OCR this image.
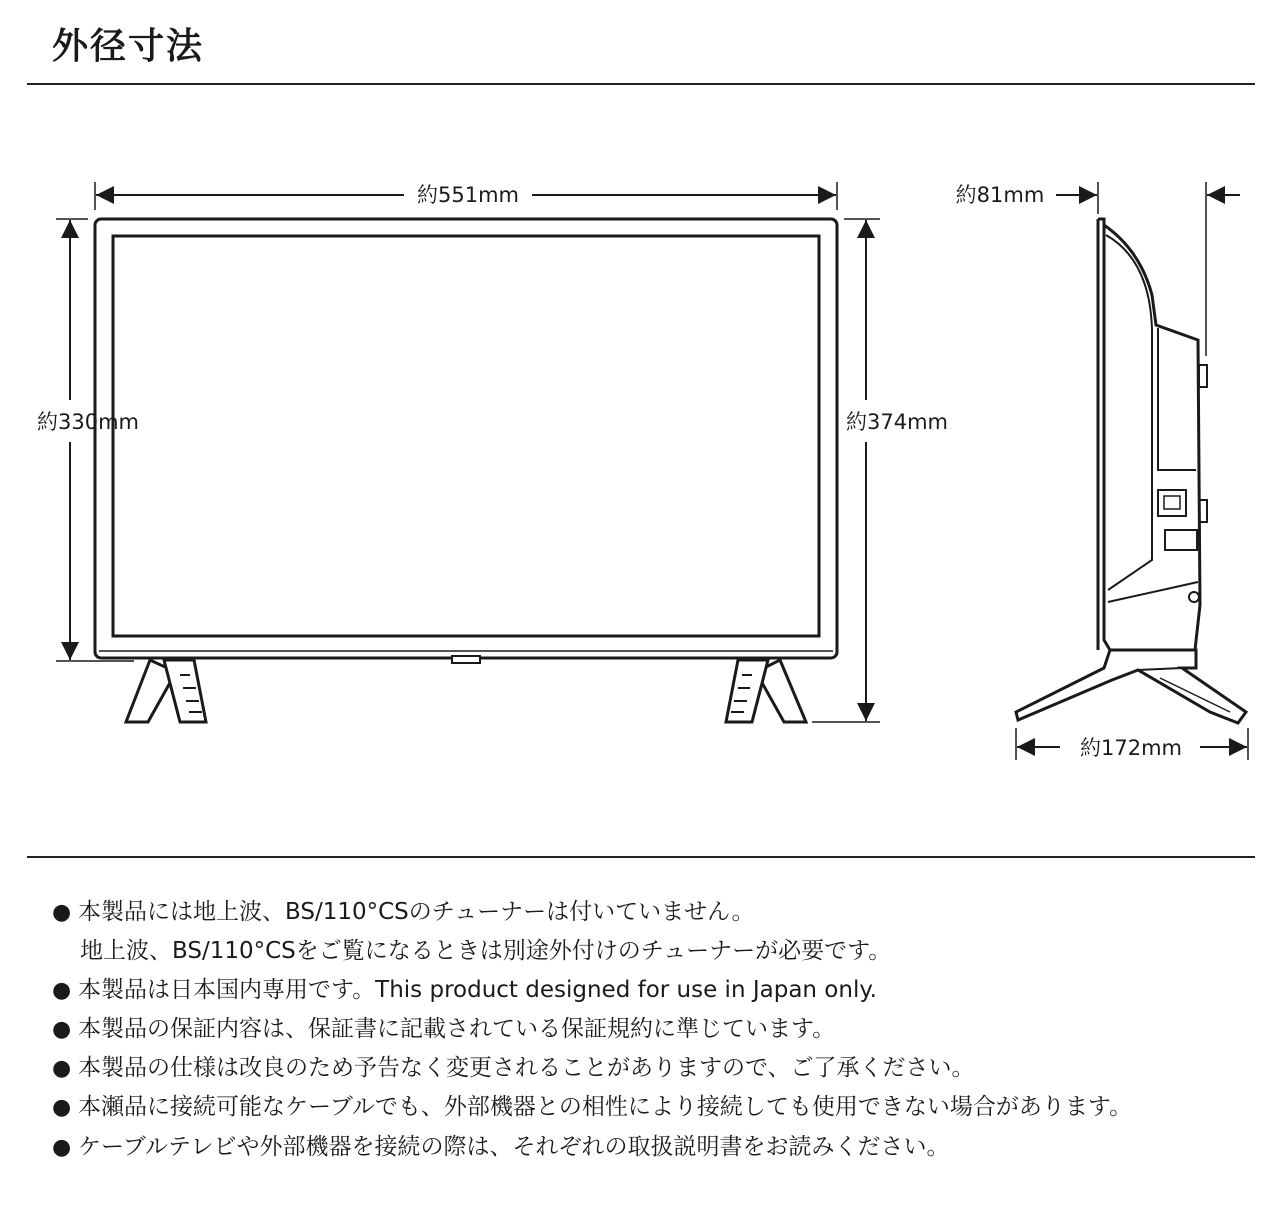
外径寸法
約551mm
約330mm	約374mm
約81mm
約172mm
● 本製品には地上波、BS/110°CSのチューナーは付いていません。
地上波、BS/110°CSをご覧になるときは別途外付けのチューナーが必要です。
● 本製品は日本国内専用です。This product designed for use in Japan only.
● 本製品の保証内容は、保証書に記載されている保証規約に準じています。
● 本製品の仕様は改良のため予告なく変更されることがありますので、ご了承ください。
● 本瀬品に接続可能なケーブルでも、外部機器との相性により接続しても使用できない場合があります。
● ケーブルテレビや外部機器を接続の際は、それぞれの取扱説明書をお読みください。
